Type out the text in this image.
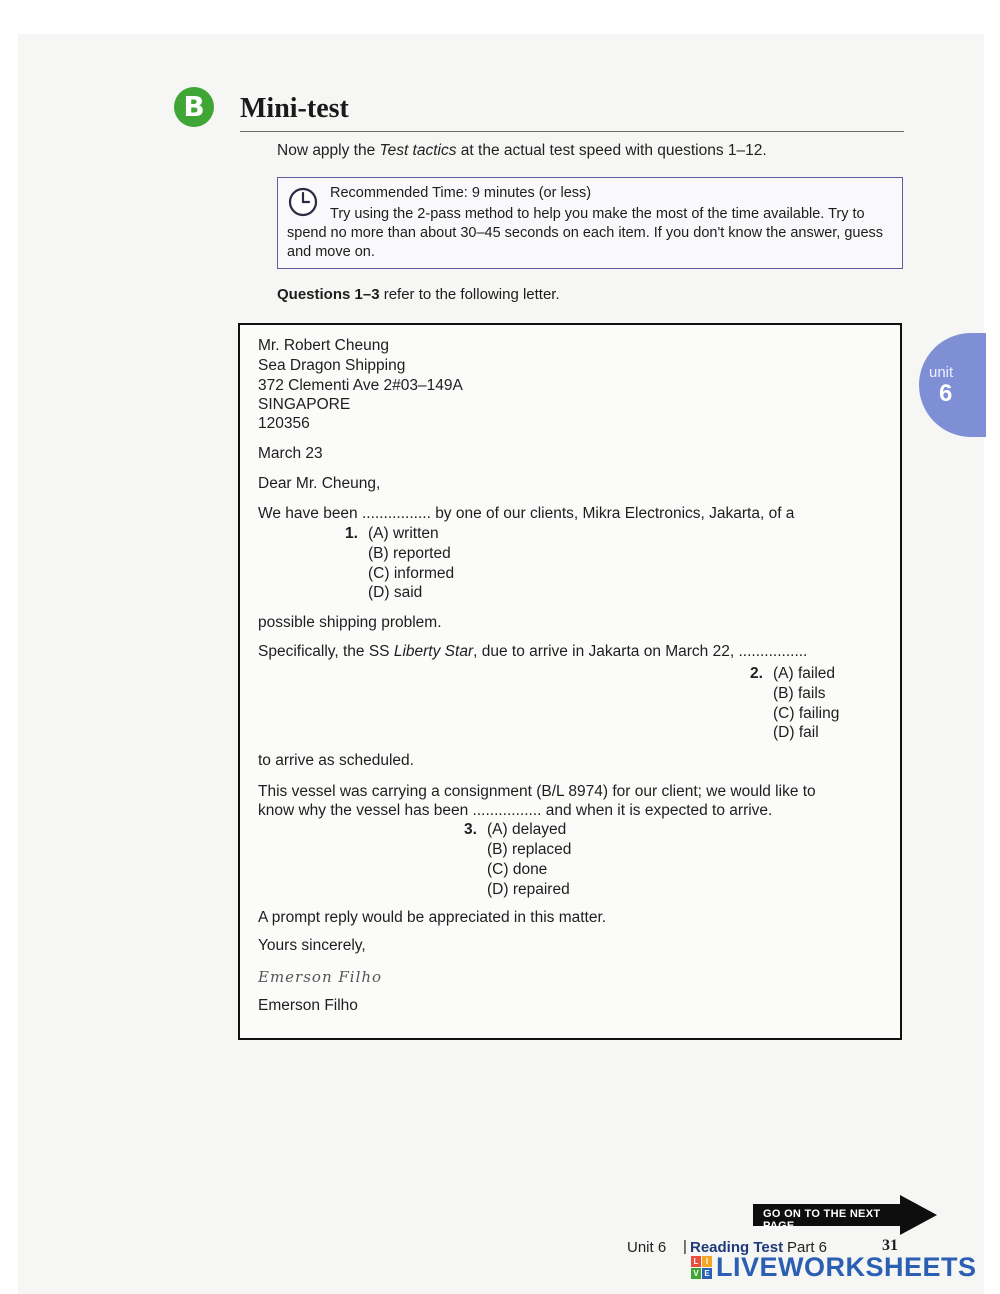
B	Mini-test
Now apply the Test tactics at the actual test speed with questions 1–12.
Recommended Time: 9 minutes (or less)
Try using the 2-pass method to help you make the most of the time available. Try to spend no more than about 30–45 seconds on each item. If you don't know the answer, guess and move on.
Questions 1–3 refer to the following letter.
Mr. Robert Cheung
Sea Dragon Shipping
372 Clementi Ave 2#03–149A
SINGAPORE
120356
March 23
Dear Mr. Cheung,
We have been ................ by one of our clients, Mikra Electronics, Jakarta, of a
1. (A) written
(B) reported
(C) informed
(D) said
possible shipping problem.
Specifically, the SS Liberty Star, due to arrive in Jakarta on March 22, ................
2. (A) failed
(B) fails
(C) failing
(D) fail
to arrive as scheduled.
This vessel was carrying a consignment (B/L 8974) for our client; we would like to
know why the vessel has been ................ and when it is expected to arrive.
3. (A) delayed
(B) replaced
(C) done
(D) repaired
A prompt reply would be appreciated in this matter.
Yours sincerely,
Emerson Filho
Emerson Filho
unit
6
GO ON TO THE NEXT PAGE
Unit 6 | Reading Test Part 6	31
L I
V E LIVEWORKSHEETS
